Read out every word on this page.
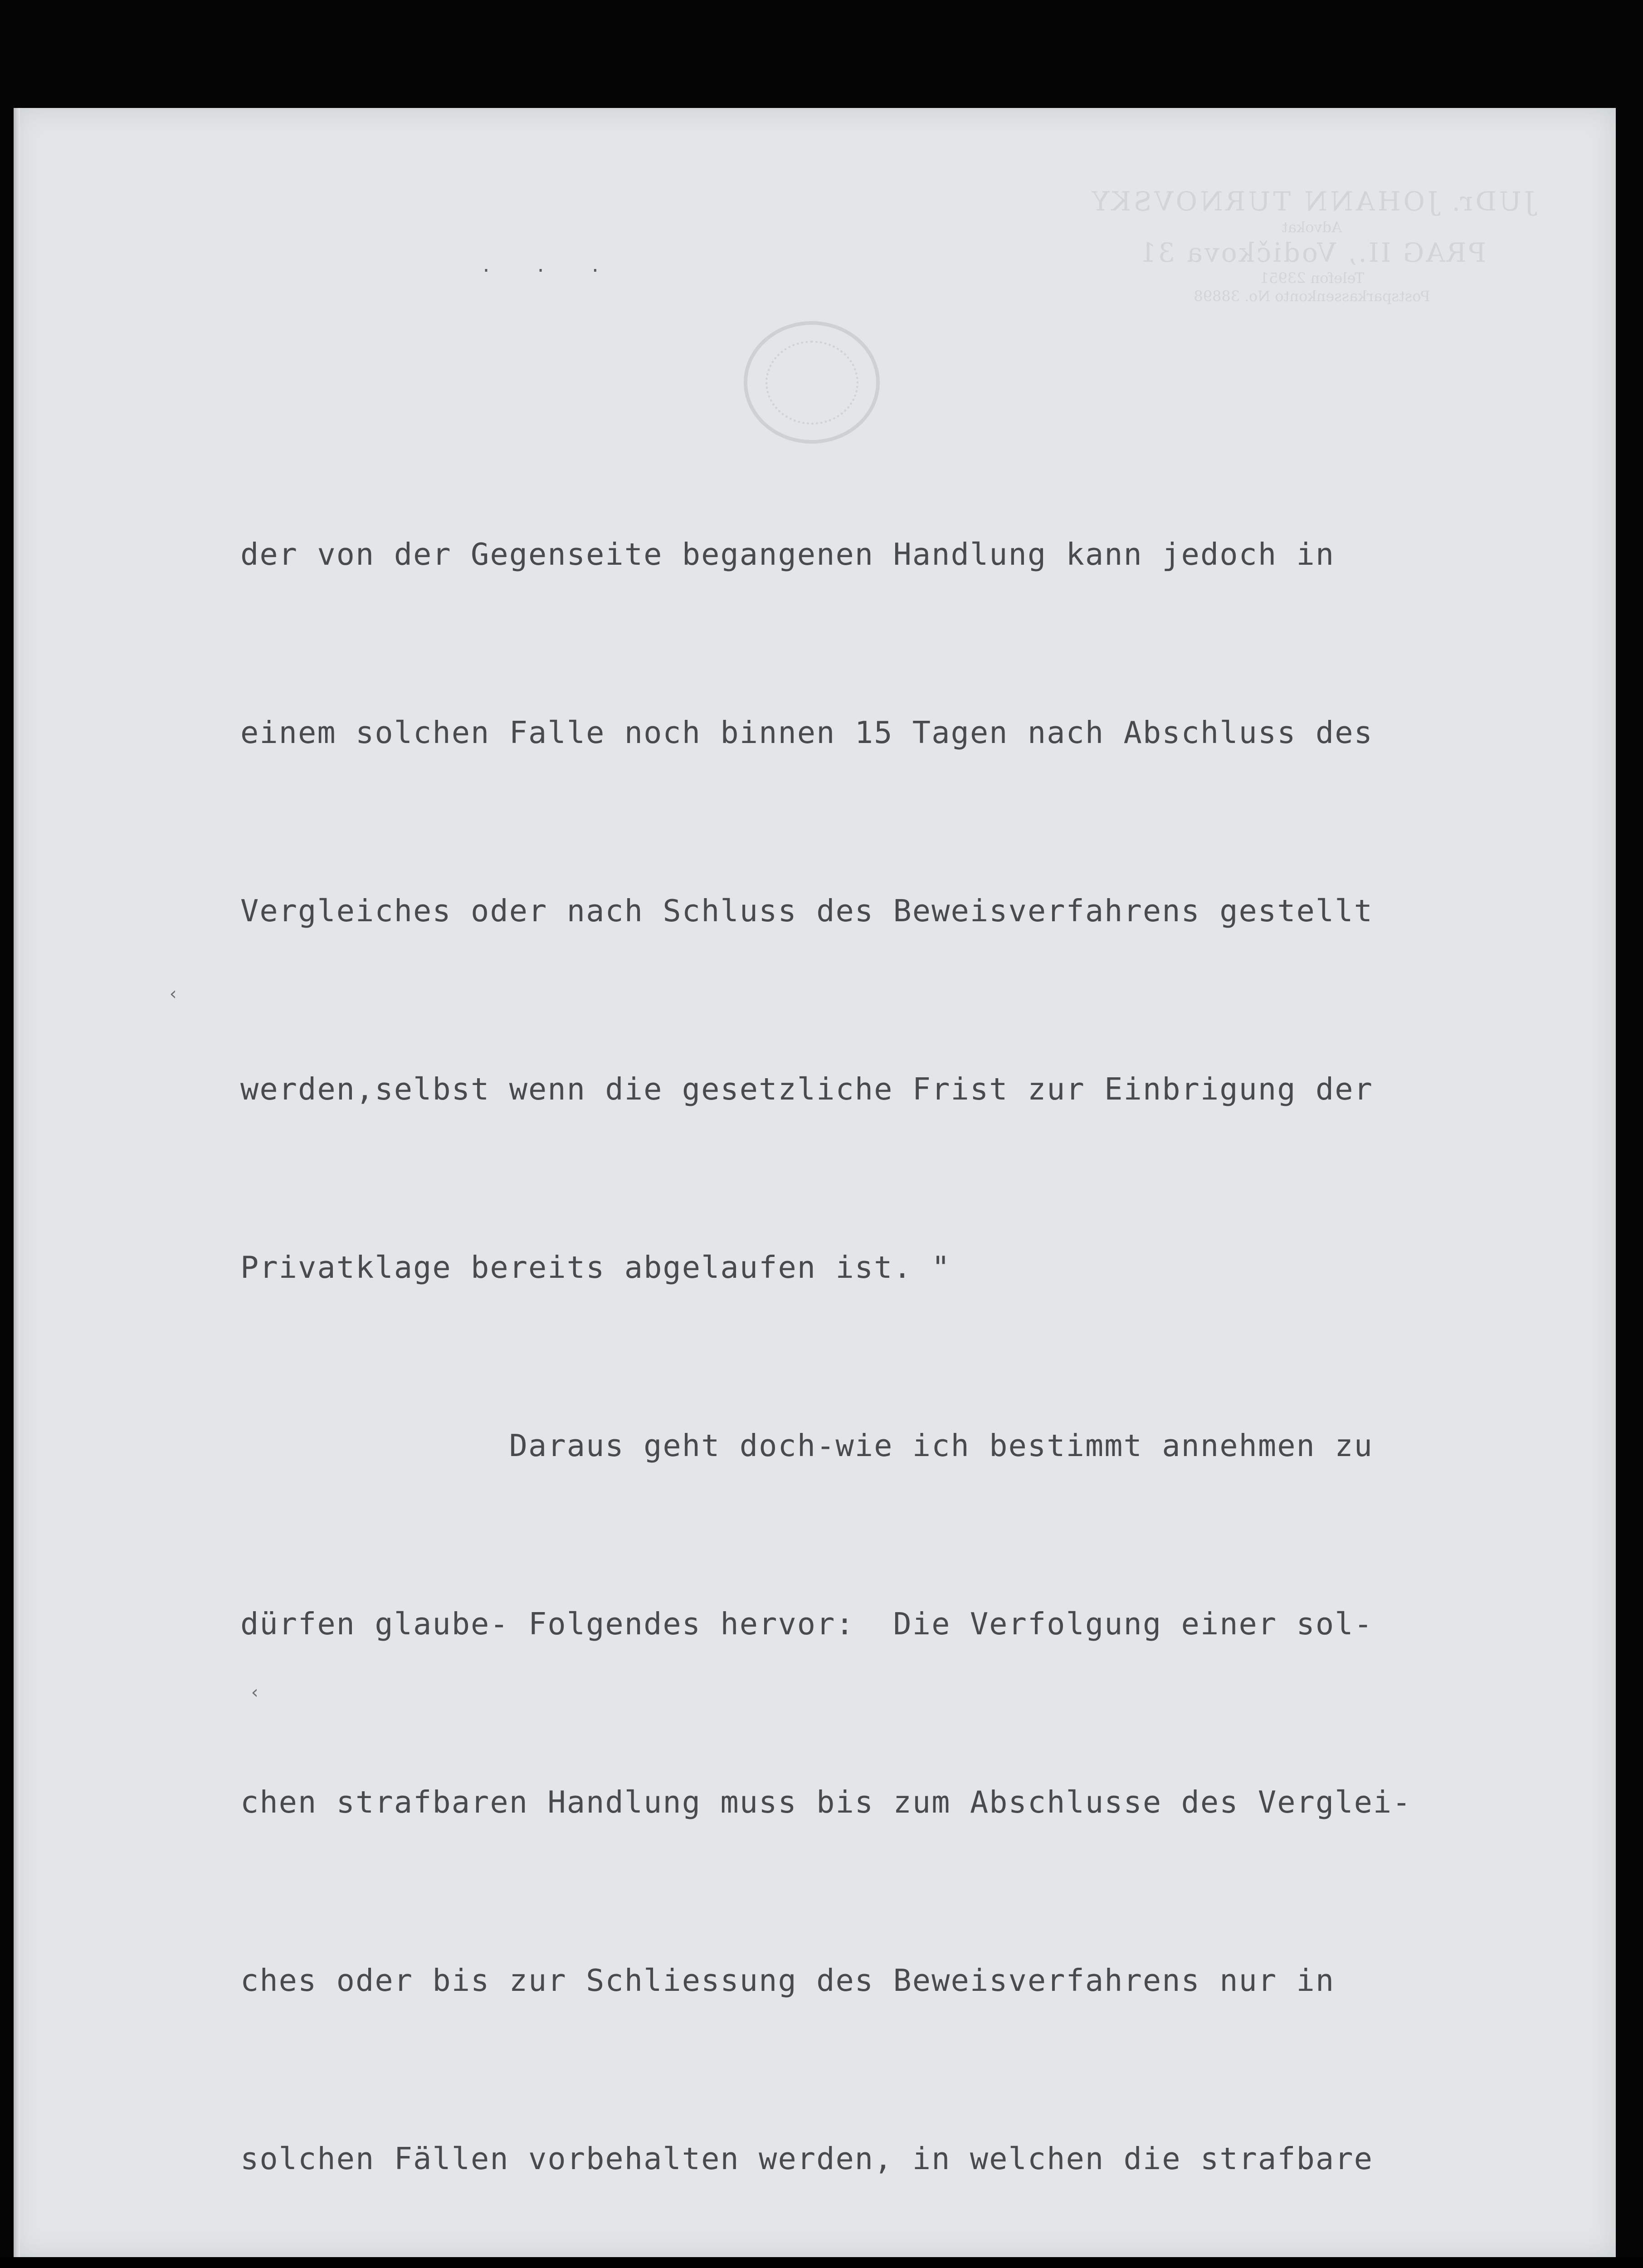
JUDr. JOHANN TURNOVSKY
Advokat
PRAG II., Vodičkova 31
Telefon 23951
Postsparkassenkonto No. 38898
. . .
‹
‹

der von der Gegenseite begangenen Handlung kann jedoch in

einem solchen Falle noch binnen 15 Tagen nach Abschluss des

Vergleiches oder nach Schluss des Beweisverfahrens gestellt

werden,selbst wenn die gesetzliche Frist zur Einbrigung der

Privatklage bereits abgelaufen ist. "

Daraus geht doch-wie ich bestimmt annehmen zu

dürfen glaube- Folgendes hervor:  Die Verfolgung einer sol-

chen strafbaren Handlung muss bis zum Abschlusse des Verglei-

ches oder bis zur Schliessung des Beweisverfahrens nur in

solchen Fällen vorbehalten werden, in welchen die strafbare
